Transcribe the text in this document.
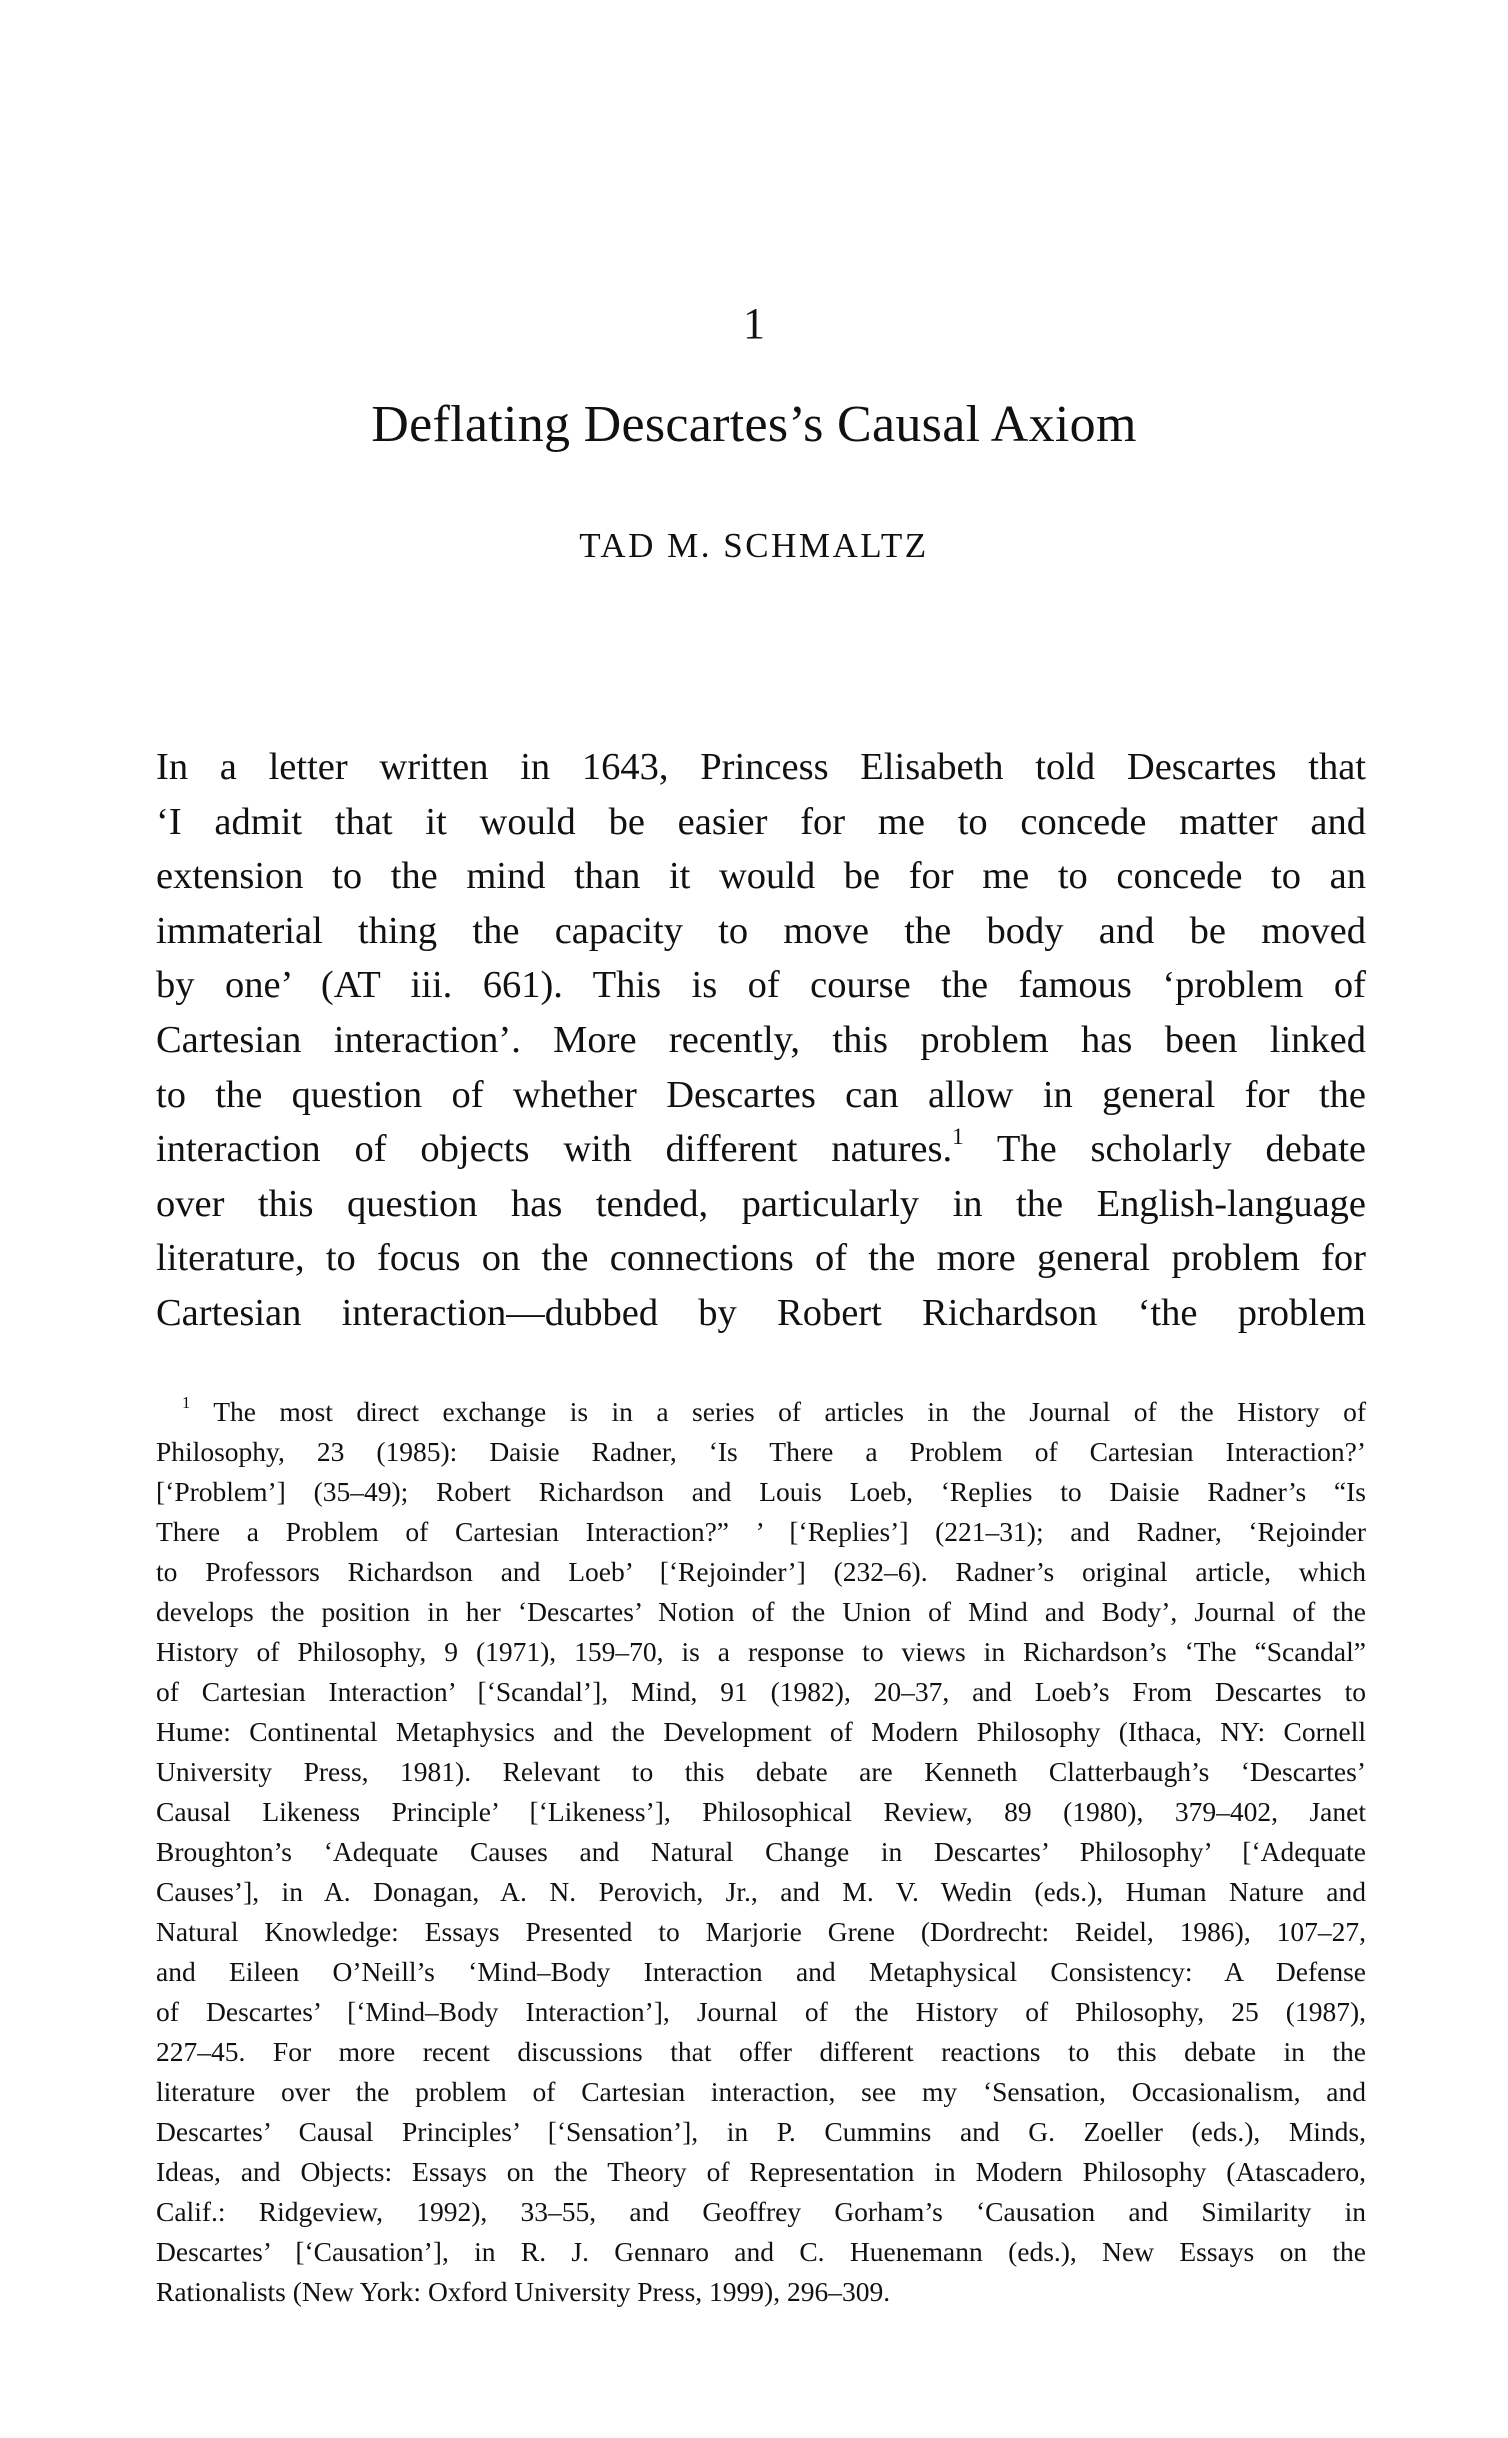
1
Deflating Descartes’s Causal Axiom
TAD M. SCHMALTZ
In a letter written in 1643, Princess Elisabeth told Descartes that
‘I admit that it would be easier for me to concede matter and
extension to the mind than it would be for me to concede to an
immaterial thing the capacity to move the body and be moved
by one’ (AT iii. 661). This is of course the famous ‘problem of
Cartesian interaction’. More recently, this problem has been linked
to the question of whether Descartes can allow in general for the
interaction of objects with different natures.$^1$ The scholarly debate
over this question has tended, particularly in the English-language
literature, to focus on the connections of the more general problem for
Cartesian interaction—dubbed by Robert Richardson ‘the problem
$^1$ The most direct exchange is in a series of articles in the Journal of the History of
Philosophy, 23 (1985): Daisie Radner, ‘Is There a Problem of Cartesian Interaction?’
[‘Problem’] (35–49); Robert Richardson and Louis Loeb, ‘Replies to Daisie Radner’s “Is
There a Problem of Cartesian Interaction?” ’ [‘Replies’] (221–31); and Radner, ‘Rejoinder
to Professors Richardson and Loeb’ [‘Rejoinder’] (232–6). Radner’s original article, which
develops the position in her ‘Descartes’ Notion of the Union of Mind and Body’, Journal of the
History of Philosophy, 9 (1971), 159–70, is a response to views in Richardson’s ‘The “Scandal”
of Cartesian Interaction’ [‘Scandal’], Mind, 91 (1982), 20–37, and Loeb’s From Descartes to
Hume: Continental Metaphysics and the Development of Modern Philosophy (Ithaca, NY: Cornell
University Press, 1981). Relevant to this debate are Kenneth Clatterbaugh’s ‘Descartes’
Causal Likeness Principle’ [‘Likeness’], Philosophical Review, 89 (1980), 379–402, Janet
Broughton’s ‘Adequate Causes and Natural Change in Descartes’ Philosophy’ [‘Adequate
Causes’], in A. Donagan, A. N. Perovich, Jr., and M. V. Wedin (eds.), Human Nature and
Natural Knowledge: Essays Presented to Marjorie Grene (Dordrecht: Reidel, 1986), 107–27,
and Eileen O’Neill’s ‘Mind–Body Interaction and Metaphysical Consistency: A Defense
of Descartes’ [‘Mind–Body Interaction’], Journal of the History of Philosophy, 25 (1987),
227–45. For more recent discussions that offer different reactions to this debate in the
literature over the problem of Cartesian interaction, see my ‘Sensation, Occasionalism, and
Descartes’ Causal Principles’ [‘Sensation’], in P. Cummins and G. Zoeller (eds.), Minds,
Ideas, and Objects: Essays on the Theory of Representation in Modern Philosophy (Atascadero,
Calif.: Ridgeview, 1992), 33–55, and Geoffrey Gorham’s ‘Causation and Similarity in
Descartes’ [‘Causation’], in R. J. Gennaro and C. Huenemann (eds.), New Essays on the
Rationalists (New York: Oxford University Press, 1999), 296–309.
